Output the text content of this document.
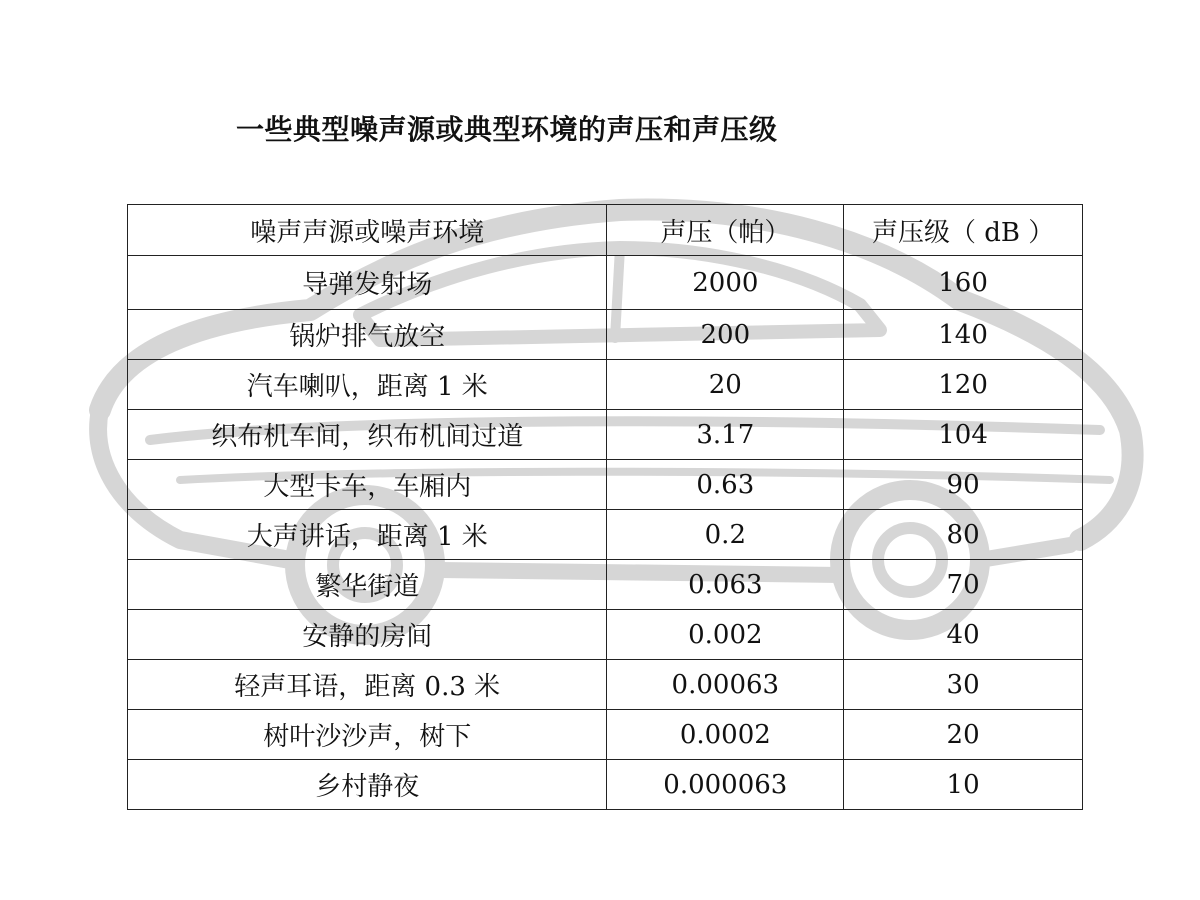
一些典型噪声源或典型环境的声压和声压级
噪声声源或噪声环境	声压（帕）	声压级（ dB ）
导弹发射场	2000	160
锅炉排气放空	200	140
汽车喇叭，距离 1 米	20	120
织布机车间，织布机间过道	3.17	104
大型卡车，车厢内	0.63	90
大声讲话，距离 1 米	0.2	80
繁华街道	0.063	70
安静的房间	0.002	40
轻声耳语，距离 0.3 米	0.00063	30
树叶沙沙声，树下	0.0002	20
乡村静夜	0.000063	10
